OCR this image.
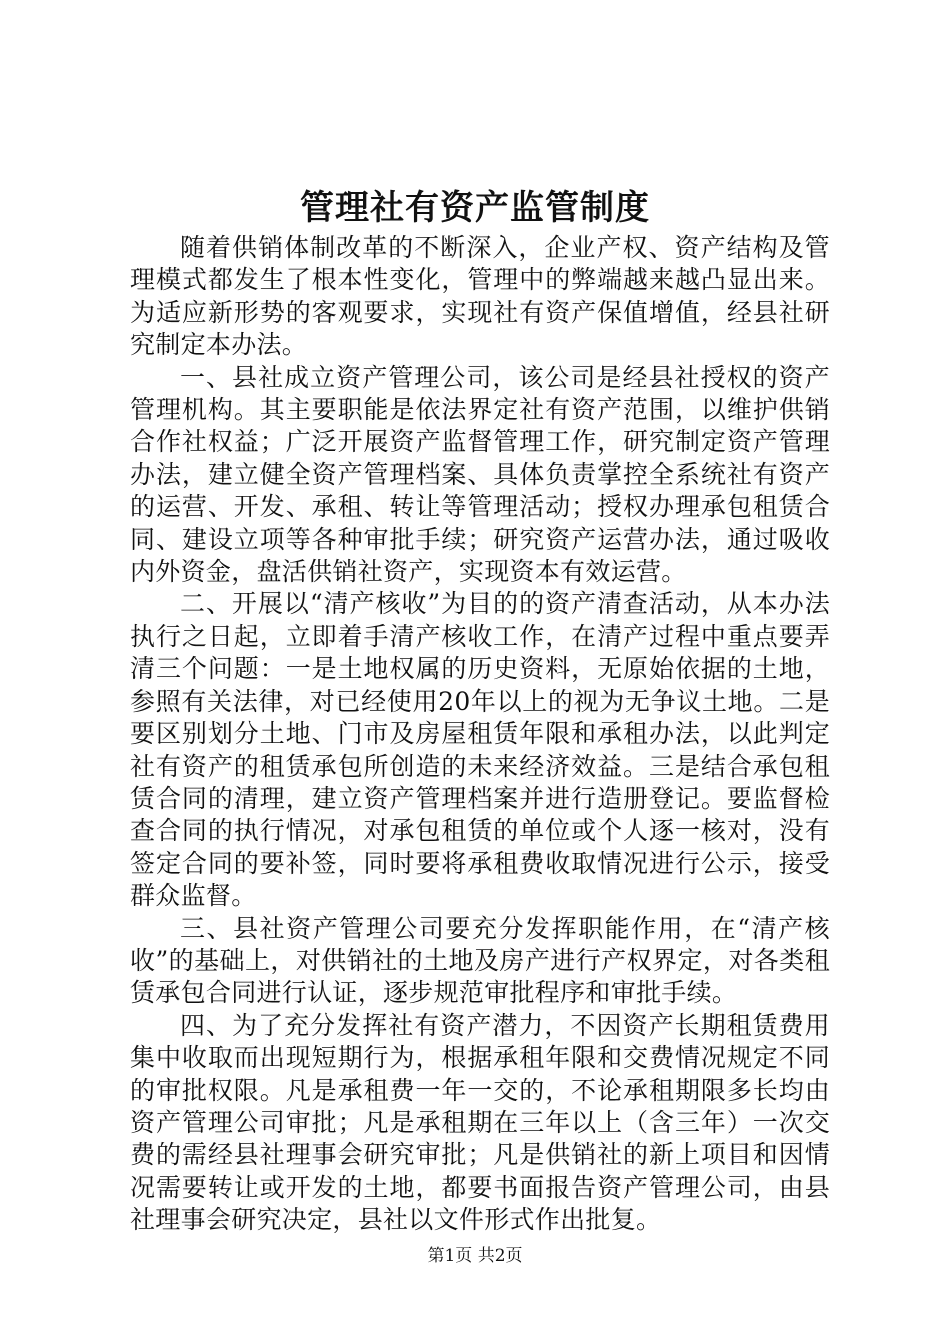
管理社有资产监管制度

随着供销体制改革的不断深入，企业产权、资产结构及管理模式都发生了根本性变化，管理中的弊端越来越凸显出来。为适应新形势的客观要求，实现社有资产保值增值，经县社研究制定本办法。

一、县社成立资产管理公司，该公司是经县社授权的资产管理机构。其主要职能是依法界定社有资产范围，以维护供销合作社权益；广泛开展资产监督管理工作，研究制定资产管理办法，建立健全资产管理档案、具体负责掌控全系统社有资产的运营、开发、承租、转让等管理活动；授权办理承包租赁合同、建设立项等各种审批手续；研究资产运营办法，通过吸收内外资金，盘活供销社资产，实现资本有效运营。

二、开展以“清产核收”为目的的资产清查活动，从本办法执行之日起，立即着手清产核收工作，在清产过程中重点要弄清三个问题：一是土地权属的历史资料，无原始依据的土地，参照有关法律，对已经使用20年以上的视为无争议土地。二是要区别划分土地、门市及房屋租赁年限和承租办法，以此判定社有资产的租赁承包所创造的未来经济效益。三是结合承包租赁合同的清理，建立资产管理档案并进行造册登记。要监督检查合同的执行情况，对承包租赁的单位或个人逐一核对，没有签定合同的要补签，同时要将承租费收取情况进行公示，接受群众监督。

三、县社资产管理公司要充分发挥职能作用，在“清产核收”的基础上，对供销社的土地及房产进行产权界定，对各类租赁承包合同进行认证，逐步规范审批程序和审批手续。

四、为了充分发挥社有资产潜力，不因资产长期租赁费用集中收取而出现短期行为，根据承租年限和交费情况规定不同的审批权限。凡是承租费一年一交的，不论承租期限多长均由资产管理公司审批；凡是承租期在三年以上（含三年）一次交费的需经县社理事会研究审批；凡是供销社的新上项目和因情况需要转让或开发的土地，都要书面报告资产管理公司，由县社理事会研究决定，县社以文件形式作出批复。

第1页 共2页
